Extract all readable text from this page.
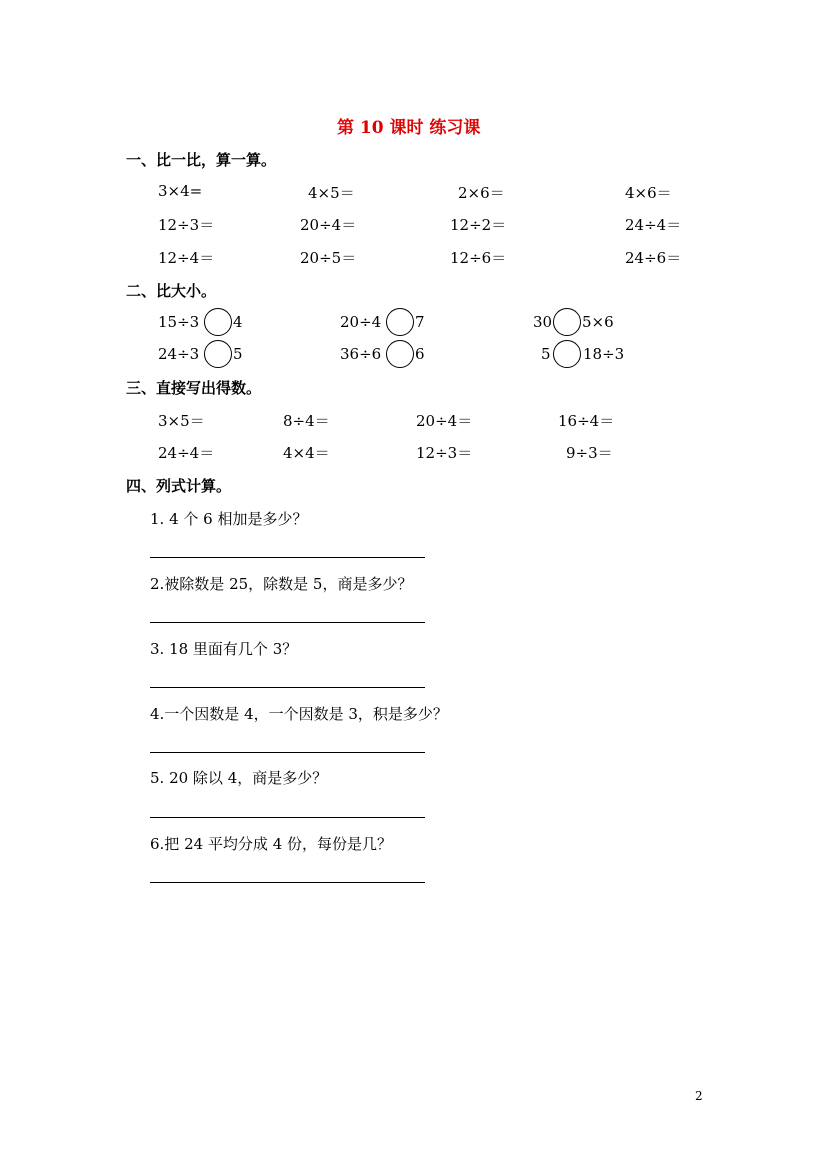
第 10 课时 练习课
一、比一比，算一算。
3×4=	4×5＝	2×6＝	4×6＝
12÷3＝	20÷4＝	12÷2＝	24÷4＝
12÷4＝	20÷5＝	12÷6＝	24÷6＝
二、比大小。
15÷3 4	20÷4 7	30 5×6
24÷3 5	36÷6 6	5 18÷3
三、直接写出得数。
3×5＝	8÷4＝	20÷4＝	16÷4＝
24÷4＝	4×4＝	12÷3＝	9÷3＝
四、列式计算。
1. 4 个 6 相加是多少？
2.被除数是 25，除数是 5，商是多少？
3. 18 里面有几个 3？
4.一个因数是 4，一个因数是 3，积是多少？
5. 20 除以 4，商是多少？
6.把 24 平均分成 4 份，每份是几？
2
